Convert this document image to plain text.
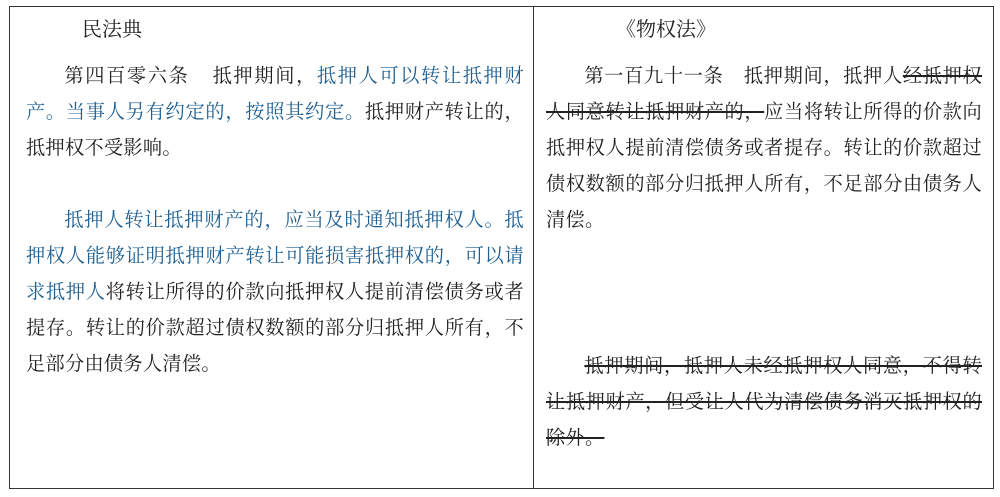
民法典

第四百零六条 抵押期间，抵押人可以转让抵押财产。当事人另有约定的，按照其约定。抵押财产转让的，抵押权不受影响。

抵押人转让抵押财产的，应当及时通知抵押权人。抵押权人能够证明抵押财产转让可能损害抵押权的，可以请求抵押人将转让所得的价款向抵押权人提前清偿债务或者提存。转让的价款超过债权数额的部分归抵押人所有，不足部分由债务人清偿。

《物权法》

第一百九十一条 抵押期间，抵押人经抵押权人同意转让抵押财产的，应当将转让所得的价款向抵押权人提前清偿债务或者提存。转让的价款超过债权数额的部分归抵押人所有，不足部分由债务人清偿。

抵押期间，抵押人未经抵押权人同意，不得转让抵押财产，但受让人代为清偿债务消灭抵押权的除外。
